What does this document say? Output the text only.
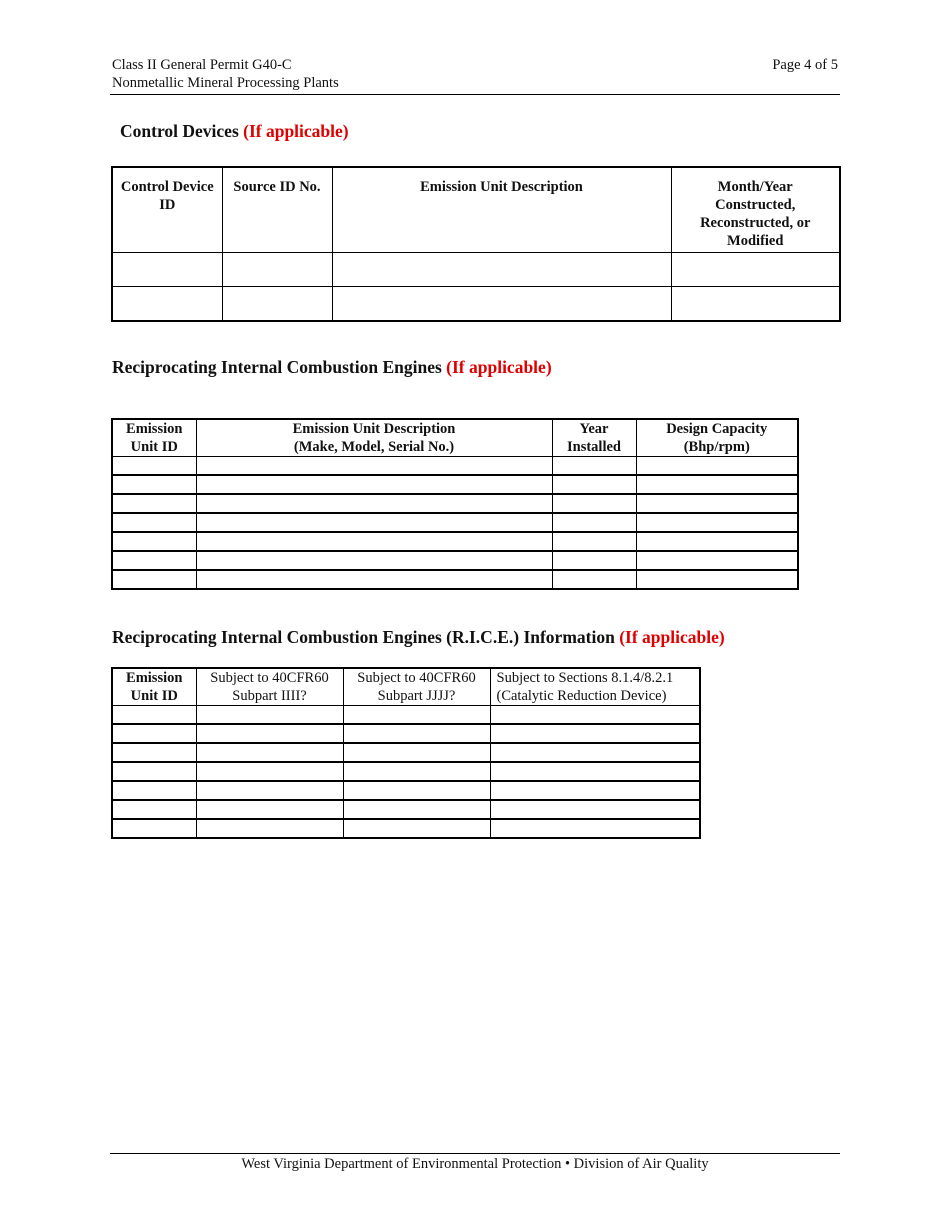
Class II General Permit G40-C
Nonmetallic Mineral Processing Plants
Page 4 of 5
Control Devices (If applicable)
Control Device ID	Source ID No.	Emission Unit Description	Month/Year Constructed, Reconstructed, or Modified

Reciprocating Internal Combustion Engines (If applicable)
Emission Unit ID	Emission Unit Description (Make, Model, Serial No.)	Year Installed	Design Capacity (Bhp/rpm)

Reciprocating Internal Combustion Engines (R.I.C.E.) Information (If applicable)
Emission Unit ID	Subject to 40CFR60 Subpart IIII?	Subject to 40CFR60 Subpart JJJJ?	Subject to Sections 8.1.4/8.2.1 (Catalytic Reduction Device)

West Virginia Department of Environmental Protection • Division of Air Quality
